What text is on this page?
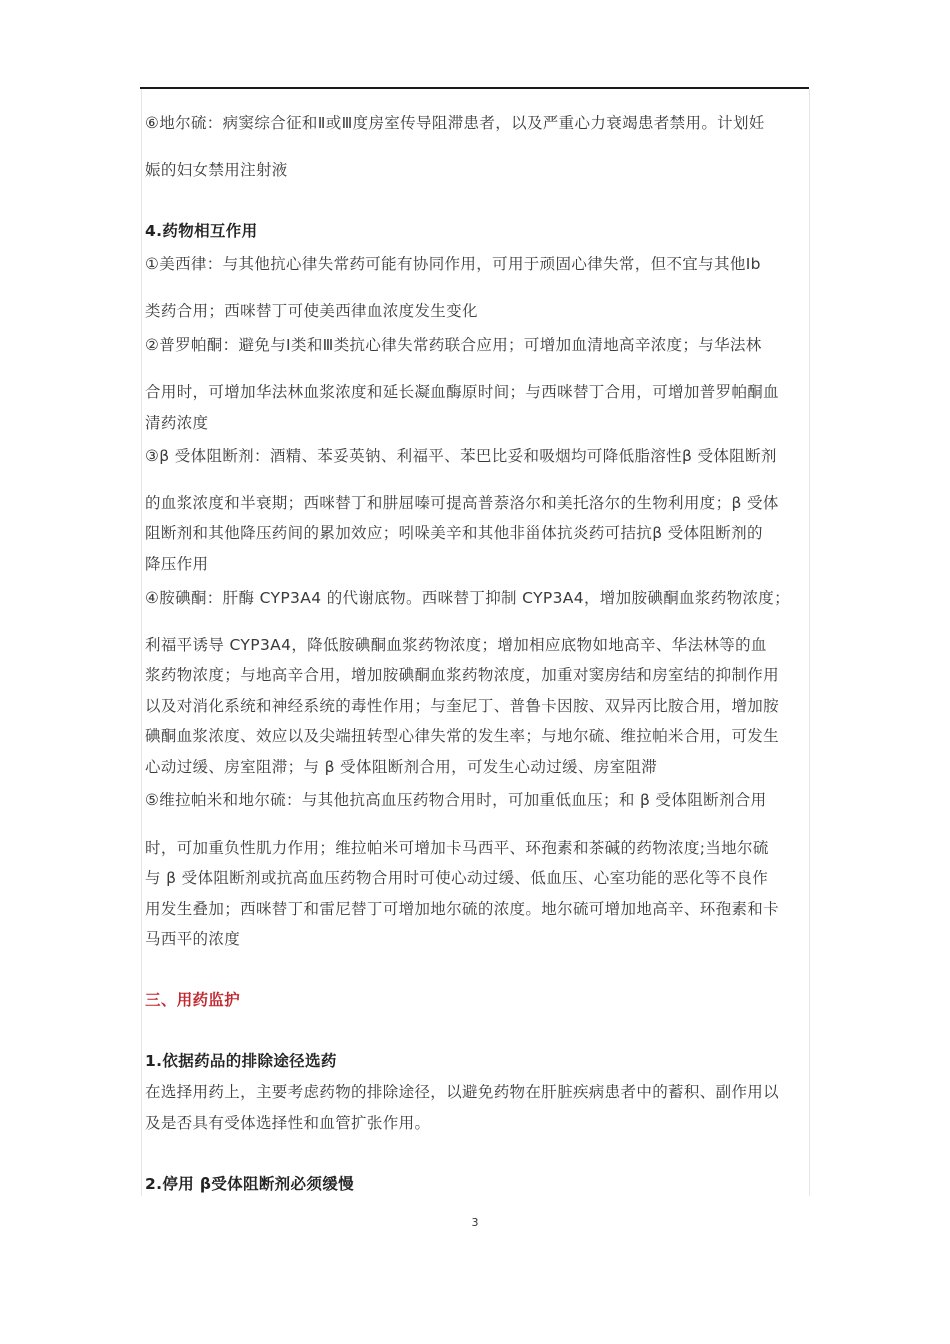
⑥地尔硫：病窦综合征和Ⅱ或Ⅲ度房室传导阻滞患者，以及严重心力衰竭患者禁用。计划妊
娠的妇女禁用注射液
4.药物相互作用
①美西律：与其他抗心律失常药可能有协同作用，可用于顽固心律失常，但不宜与其他Ⅰb
类药合用；西咪替丁可使美西律血浓度发生变化
②普罗帕酮：避免与Ⅰ类和Ⅲ类抗心律失常药联合应用；可增加血清地高辛浓度；与华法林
合用时，可增加华法林血浆浓度和延长凝血酶原时间；与西咪替丁合用，可增加普罗帕酮血
清药浓度
③β 受体阻断剂：酒精、苯妥英钠、利福平、苯巴比妥和吸烟均可降低脂溶性β 受体阻断剂
的血浆浓度和半衰期；西咪替丁和肼屈嗪可提高普萘洛尔和美托洛尔的生物利用度；β 受体
阻断剂和其他降压药间的累加效应；吲哚美辛和其他非甾体抗炎药可拮抗β 受体阻断剂的
降压作用
④胺碘酮：肝酶 CYP3A4 的代谢底物。西咪替丁抑制 CYP3A4，增加胺碘酮血浆药物浓度；
利福平诱导 CYP3A4，降低胺碘酮血浆药物浓度；增加相应底物如地高辛、华法林等的血
浆药物浓度；与地高辛合用，增加胺碘酮血浆药物浓度，加重对窦房结和房室结的抑制作用
以及对消化系统和神经系统的毒性作用；与奎尼丁、普鲁卡因胺、双异丙比胺合用，增加胺
碘酮血浆浓度、效应以及尖端扭转型心律失常的发生率；与地尔硫、维拉帕米合用，可发生
心动过缓、房室阻滞；与 β 受体阻断剂合用，可发生心动过缓、房室阻滞
⑤维拉帕米和地尔硫：与其他抗高血压药物合用时，可加重低血压；和 β 受体阻断剂合用
时，可加重负性肌力作用；维拉帕米可增加卡马西平、环孢素和茶碱的药物浓度;当地尔硫
与 β 受体阻断剂或抗高血压药物合用时可使心动过缓、低血压、心室功能的恶化等不良作
用发生叠加；西咪替丁和雷尼替丁可增加地尔硫的浓度。地尔硫可增加地高辛、环孢素和卡
马西平的浓度
三、用药监护
1.依据药品的排除途径选药
在选择用药上，主要考虑药物的排除途径，以避免药物在肝脏疾病患者中的蓄积、副作用以
及是否具有受体选择性和血管扩张作用。
2.停用 β受体阻断剂必须缓慢
3
